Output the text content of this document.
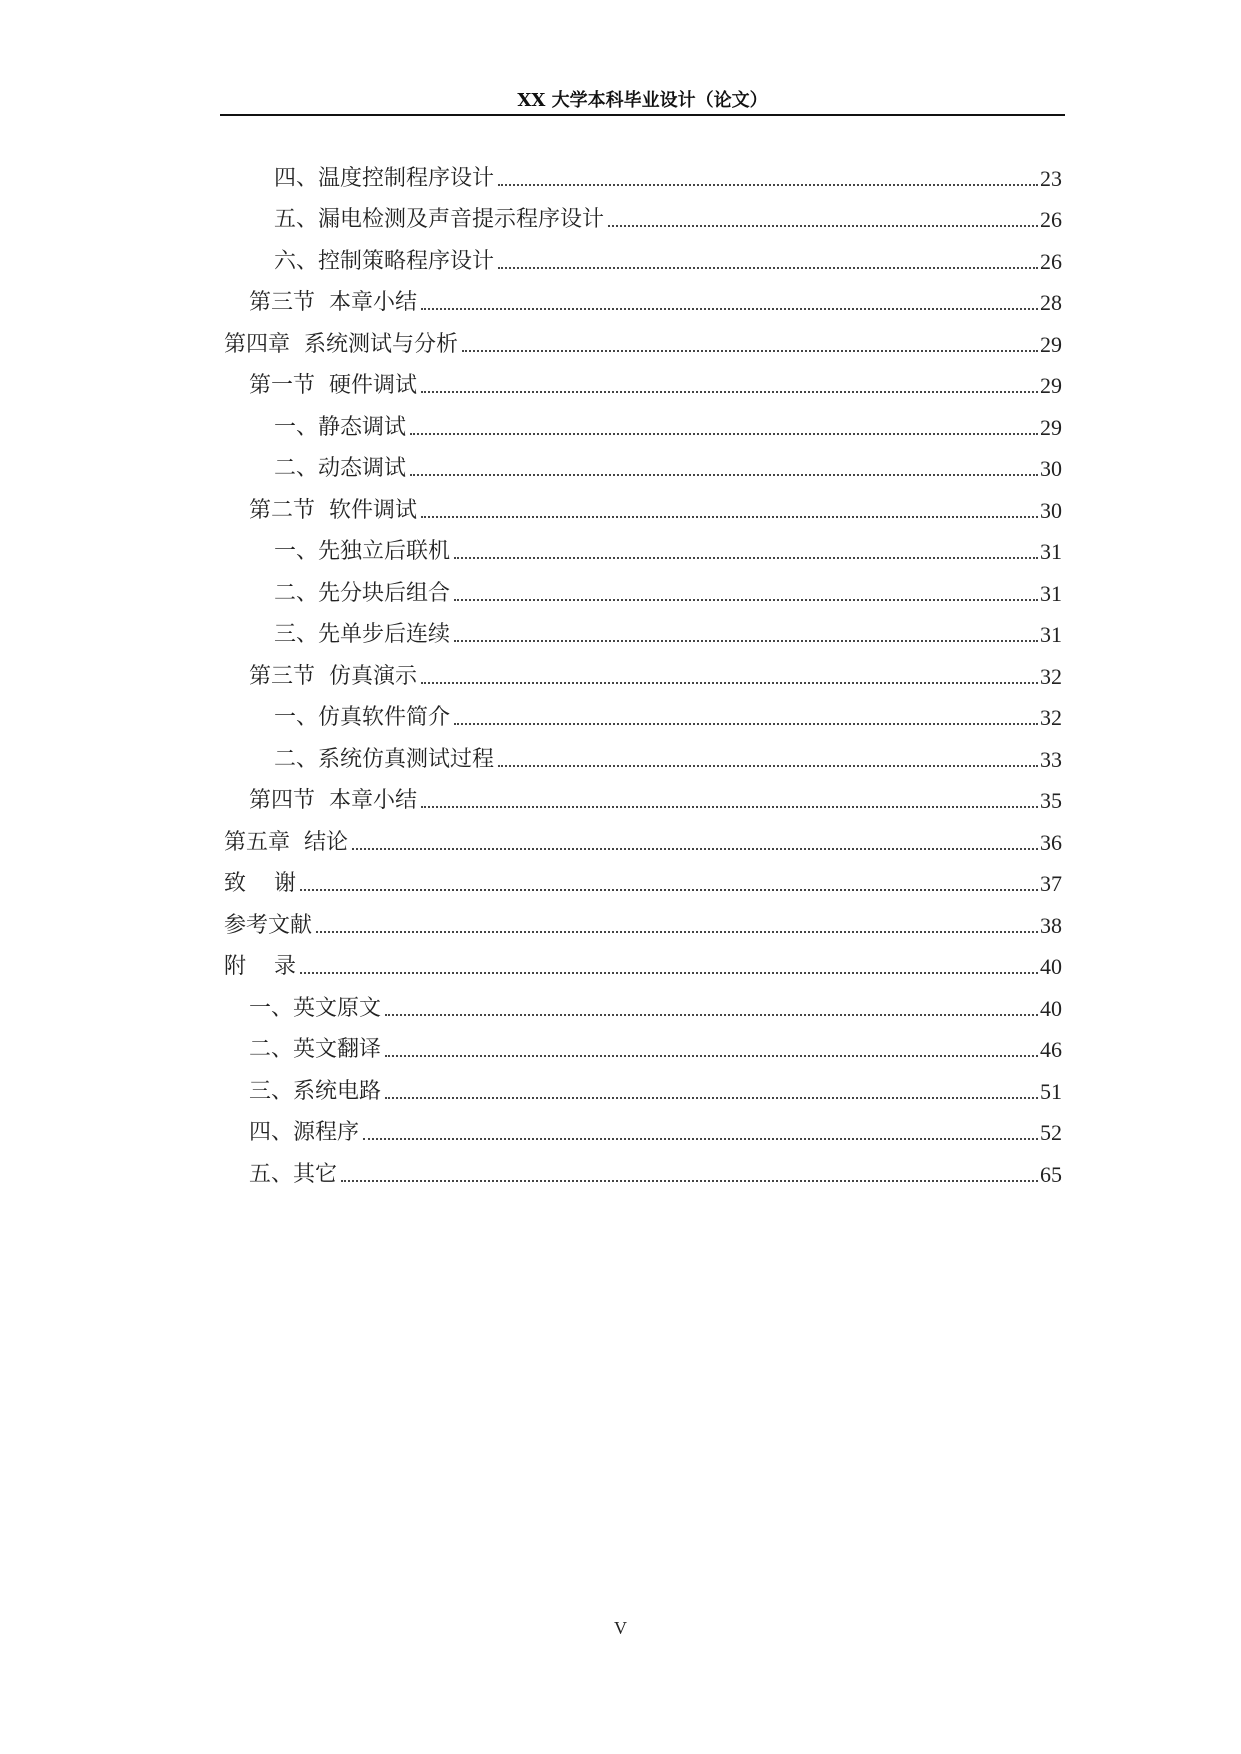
XX 大学本科毕业设计（论文）
四、温度控制程序设计	23
五、漏电检测及声音提示程序设计	26
六、控制策略程序设计	26
第三节  本章小结	28
第四章  系统测试与分析	29
第一节  硬件调试	29
一、静态调试	29
二、动态调试	30
第二节  软件调试	30
一、先独立后联机	31
二、先分块后组合	31
三、先单步后连续	31
第三节  仿真演示	32
一、仿真软件简介	32
二、系统仿真测试过程	33
第四节  本章小结	35
第五章  结论	36
致    谢	37
参考文献	38
附    录	40
一、英文原文	40
二、英文翻译	46
三、系统电路	51
四、源程序	52
五、其它	65
V
